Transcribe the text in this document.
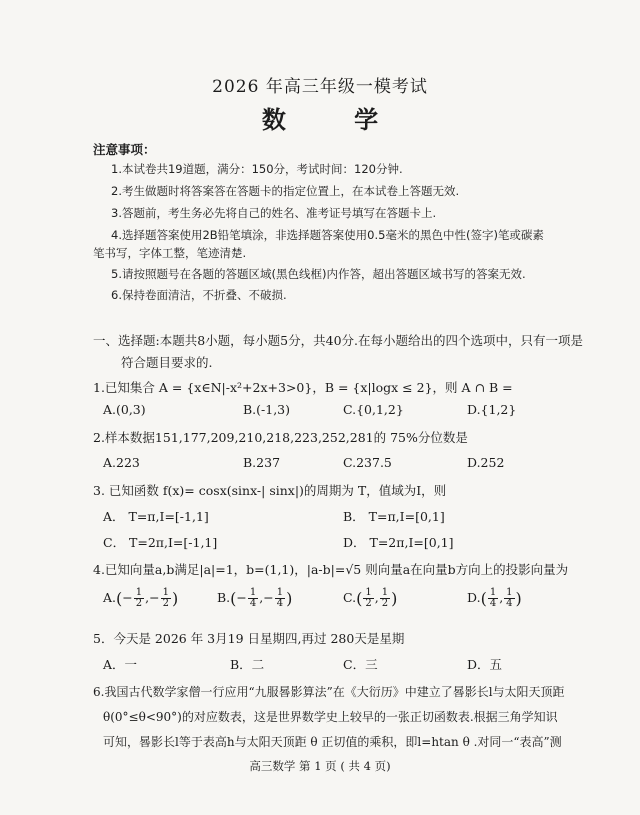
2026 年高三年级一模考试
数 学
注意事项：
1.本试卷共19道题，满分：150分，考试时间：120分钟.
2.考生做题时将答案答在答题卡的指定位置上，在本试卷上答题无效.
3.答题前，考生务必先将自己的姓名、准考证号填写在答题卡上.
4.选择题答案使用2B铅笔填涂，非选择题答案使用0.5毫米的黑色中性(签字)笔或碳素
笔书写，字体工整，笔迹清楚.
5.请按照题号在各题的答题区域(黑色线框)内作答，超出答题区域书写的答案无效.
6.保持卷面清洁，不折叠、不破损.
一、选择题:本题共8小题，每小题5分，共40分.在每小题给出的四个选项中，只有一项是
符合题目要求的.
1.已知集合 A = {x∈N|-x²+2x+3>0}，B = {x|logx ≤ 2}，则 A ∩ B =
A.(0,3)	B.(-1,3)	C.{0,1,2}	D.{1,2}
2.样本数据151,177,209,210,218,223,252,281的 75%分位数是
A.223	B.237	C.237.5	D.252
3. 已知函数 f(x)= cosx(sinx-| sinx|)的周期为 T，值域为I，则
A． T=π,I=[-1,1]	B． T=π,I=[0,1]
C． T=2π,I=[-1,1]	D． T=2π,I=[0,1]
4.已知向量a,b满足|a|=1，b=(1,1)，|a-b|=√5 则向量a在向量b方向上的投影向量为
$A.(- \frac{1}{2}$ ,− $\frac{1}{2}$ )	$B.(- \frac{1}{4}$ ,− $\frac{1}{4}$ )	$C.( \frac{1}{2}$ , $\frac{1}{2}$ )	$D.( \frac{1}{4}$ , $\frac{1}{4}$ )
5．今天是 2026 年 3月19 日星期四,再过 280天是星期
A．一	B．二	C．三	D．五
6.我国古代数学家僧一行应用“九服晷影算法”在《大衍历》中建立了晷影长l与太阳天顶距
θ(0°≤θ<90°)的对应数表，这是世界数学史上较早的一张正切函数表.根据三角学知识
可知，晷影长l等于表高h与太阳天顶距 θ 正切值的乘积，即l=htan θ .对同一“表高”测
高三数学 第 1 页 ( 共 4 页)
